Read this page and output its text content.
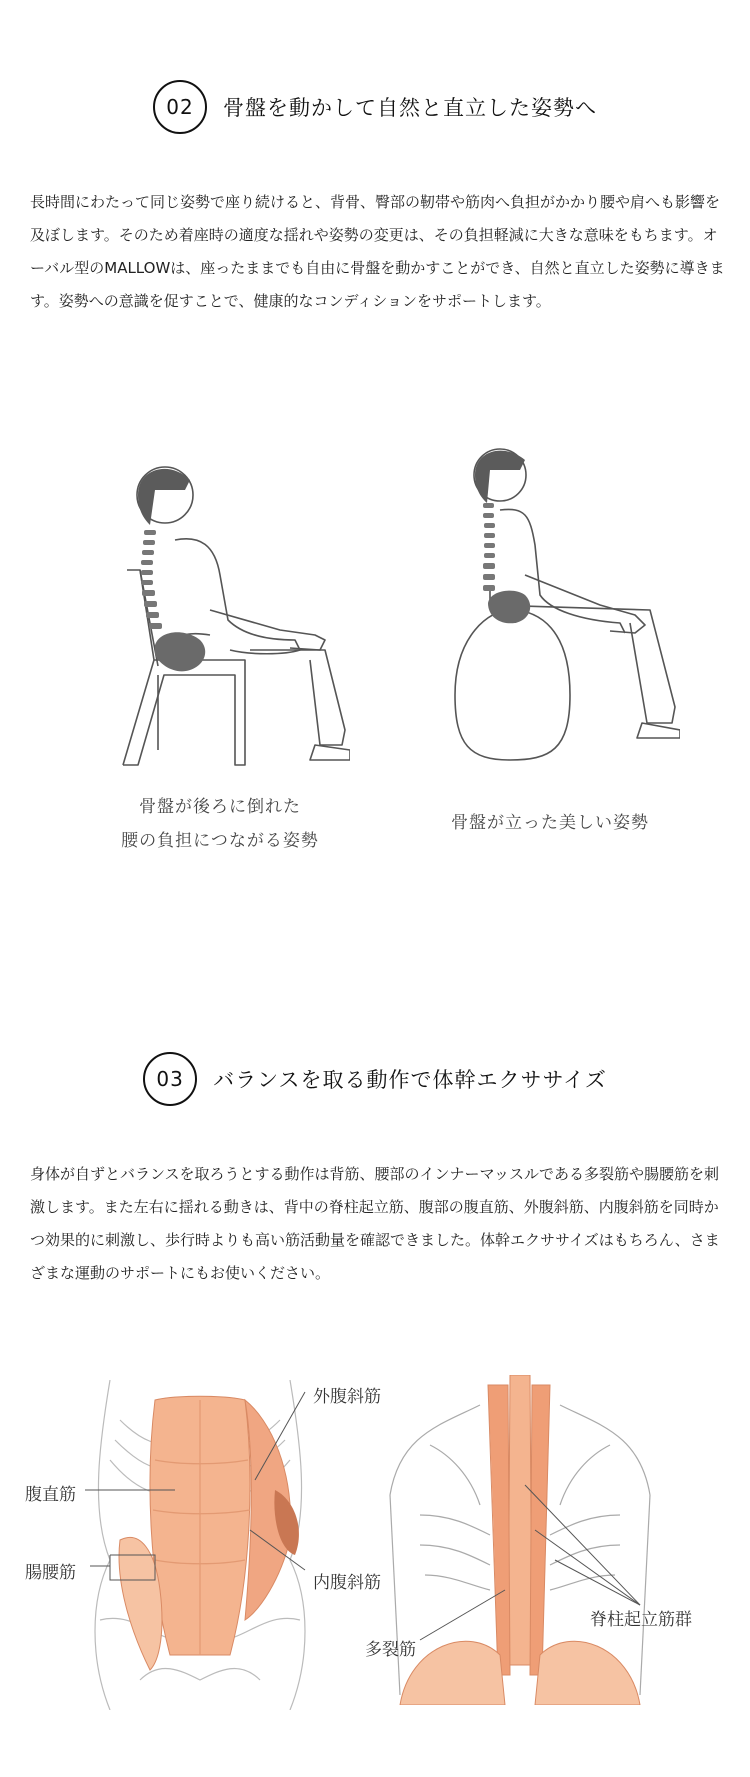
02	骨盤を動かして自然と直立した姿勢へ
長時間にわたって同じ姿勢で座り続けると、背骨、臀部の靭帯や筋肉へ負担がかかり腰や肩へも影響を及ぼします。そのため着座時の適度な揺れや姿勢の変更は、その負担軽減に大きな意味をもちます。オーバル型のMALLOWは、座ったままでも自由に骨盤を動かすことができ、自然と直立した姿勢に導きます。姿勢への意識を促すことで、健康的なコンディションをサポートします。
骨盤が後ろに倒れた
腰の負担につながる姿勢
骨盤が立った美しい姿勢
03	バランスを取る動作で体幹エクササイズ
身体が自ずとバランスを取ろうとする動作は背筋、腰部のインナーマッスルである多裂筋や腸腰筋を刺激します。また左右に揺れる動きは、背中の脊柱起立筋、腹部の腹直筋、外腹斜筋、内腹斜筋を同時かつ効果的に刺激し、歩行時よりも高い筋活動量を確認できました。体幹エクササイズはもちろん、さまざまな運動のサポートにもお使いください。
外腹斜筋
腹直筋
腸腰筋	内腹斜筋
多裂筋
脊柱起立筋群
